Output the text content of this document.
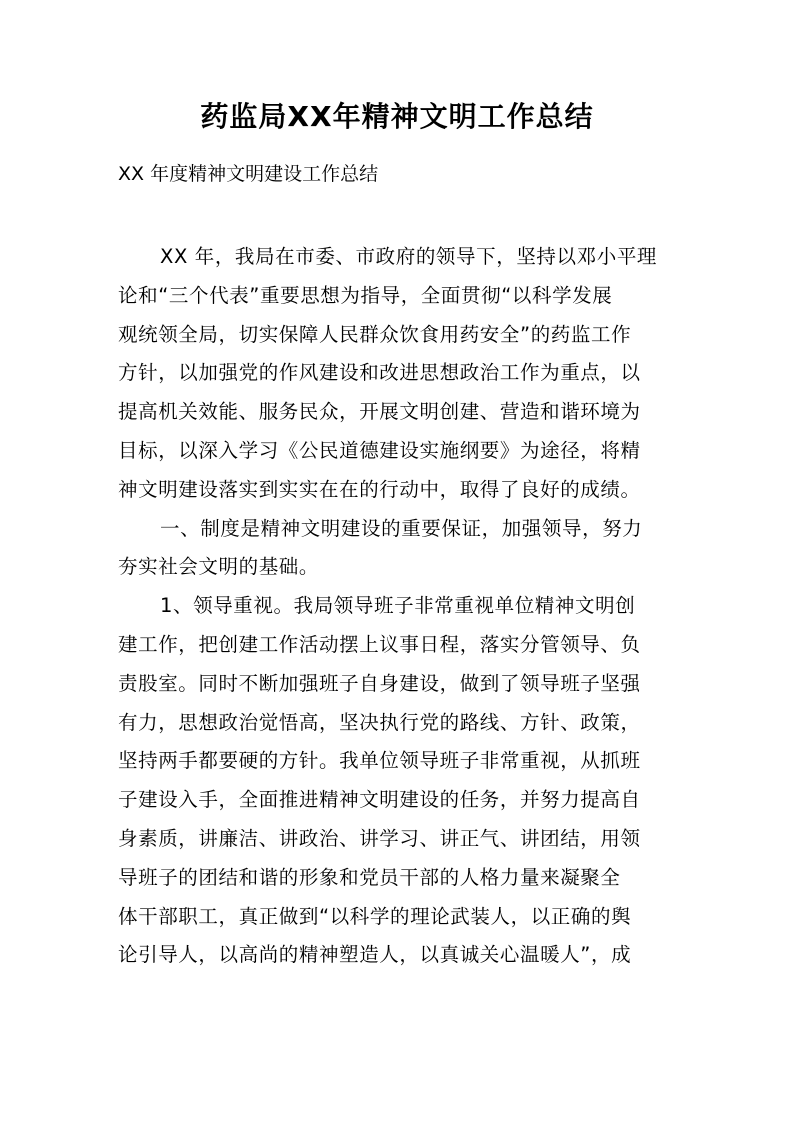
药监局XX年精神文明工作总结

XX 年度精神文明建设工作总结

XX 年，我局在市委、市政府的领导下，坚持以邓小平理
论和“三个代表”重要思想为指导，全面贯彻“以科学发展
观统领全局，切实保障人民群众饮食用药安全”的药监工作
方针，以加强党的作风建设和改进思想政治工作为重点，以
提高机关效能、服务民众，开展文明创建、营造和谐环境为
目标，以深入学习《公民道德建设实施纲要》为途径，将精
神文明建设落实到实实在在的行动中，取得了良好的成绩。
一、制度是精神文明建设的重要保证，加强领导，努力
夯实社会文明的基础。
1、领导重视。我局领导班子非常重视单位精神文明创
建工作，把创建工作活动摆上议事日程，落实分管领导、负
责股室。同时不断加强班子自身建设，做到了领导班子坚强
有力，思想政治觉悟高，坚决执行党的路线、方针、政策，
坚持两手都要硬的方针。我单位领导班子非常重视，从抓班
子建设入手，全面推进精神文明建设的任务，并努力提高自
身素质，讲廉洁、讲政治、讲学习、讲正气、讲团结，用领
导班子的团结和谐的形象和党员干部的人格力量来凝聚全
体干部职工，真正做到“以科学的理论武装人，以正确的舆
论引导人，以高尚的精神塑造人，以真诚关心温暖人”，成
